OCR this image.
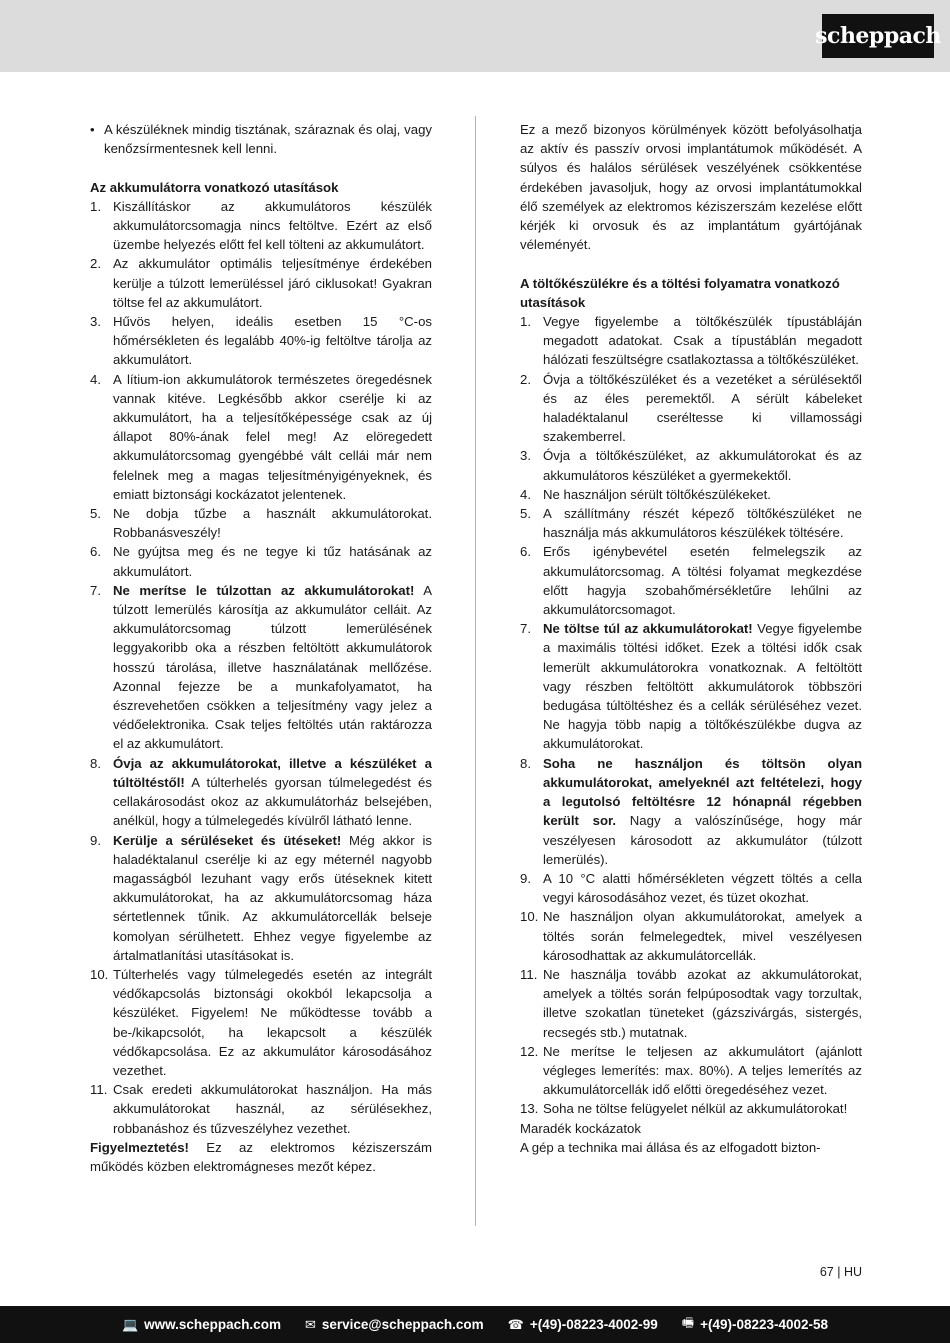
scheppach

• A készüléknek mindig tisztának, száraznak és olaj, vagy kenőzsírmentesnek kell lenni.

Az akkumulátorra vonatkozó utasítások

1. Kiszállításkor az akkumulátoros készülék akkumulátorcsomagja nincs feltöltve. Ezért az első üzembe helyezés előtt fel kell tölteni az akkumulátort.
2. Az akkumulátor optimális teljesítménye érdekében kerülje a túlzott lemerüléssel járó ciklusokat! Gyakran töltse fel az akkumulátort.
3. Hűvös helyen, ideális esetben 15 °C-os hőmérsékleten és legalább 40%-ig feltöltve tárolja az akkumulátort.
4. A lítium-ion akkumulátorok természetes öregedésnek vannak kitéve. Legkésőbb akkor cserélje ki az akkumulátort, ha a teljesítőképessége csak az új állapot 80%-ának felel meg! Az elöregedett akkumulátorcsomag gyengébbé vált cellái már nem felelnek meg a magas teljesítményigényeknek, és emiatt biztonsági kockázatot jelentenek.
5. Ne dobja tűzbe a használt akkumulátorokat. Robbanásveszély!
6. Ne gyújtsa meg és ne tegye ki tűz hatásának az akkumulátort.
7. Ne merítse le túlzottan az akkumulátorokat! A túlzott lemerülés károsítja az akkumulátor celláit. Az akkumulátorcsomag túlzott lemerülésének leggyakoribb oka a részben feltöltött akkumulátorok hosszú tárolása, illetve használatának mellőzése. Azonnal fejezze be a munkafolyamatot, ha észrevehetően csökken a teljesítmény vagy jelez a védőelektronika. Csak teljes feltöltés után raktározza el az akkumulátort.
8. Óvja az akkumulátorokat, illetve a készüléket a túltöltéstől! A túlterhelés gyorsan túlmelegedést és cellakárosodást okoz az akkumulátorház belsejében, anélkül, hogy a túlmelegedés kívülről látható lenne.
9. Kerülje a sérüléseket és ütéseket! Még akkor is haladéktalanul cserélje ki az egy méternél nagyobb magasságból lezuhant vagy erős ütéseknek kitett akkumulátorokat, ha az akkumulátorcsomag háza sértetlennek tűnik. Az akkumulátorcellák belseje komolyan sérülhetett. Ehhez vegye figyelembe az ártalmatlanítási utasításokat is.
10. Túlterhelés vagy túlmelegedés esetén az integrált védőkapcsolás biztonsági okokból lekapcsolja a készüléket. Figyelem! Ne működtesse tovább a be-/kikapcsolót, ha lekapcsolt a készülék védőkapcsolása. Ez az akkumulátor károsodásához vezethet.
11. Csak eredeti akkumulátorokat használjon. Ha más akkumulátorokat használ, az sérülésekhez, robbanáshoz és tűzveszélyhez vezethet.

Figyelmeztetés! Ez az elektromos kéziszerszám működés közben elektromágneses mezőt képez.

Ez a mező bizonyos körülmények között befolyásolhatja az aktív és passzív orvosi implantátumok működését. A súlyos és halálos sérülések veszélyének csökkentése érdekében javasoljuk, hogy az orvosi implantátumokkal élő személyek az elektromos kéziszerszám kezelése előtt kérjék ki orvosuk és az implantátum gyártójának véleményét.

A töltőkészülékre és a töltési folyamatra vonatkozó utasítások

1. Vegye figyelembe a töltőkészülék típustábláján megadott adatokat. Csak a típustáblán megadott hálózati feszültségre csatlakoztassa a töltőkészüléket.
2. Óvja a töltőkészüléket és a vezetéket a sérülésektől és az éles peremektől. A sérült kábeleket haladéktalanul cseréltesse ki villamossági szakemberrel.
3. Óvja a töltőkészüléket, az akkumulátorokat és az akkumulátoros készüléket a gyermekektől.
4. Ne használjon sérült töltőkészülékeket.
5. A szállítmány részét képező töltőkészüléket ne használja más akkumulátoros készülékek töltésére.
6. Erős igénybevétel esetén felmelegszik az akkumulátorcsomag. A töltési folyamat megkezdése előtt hagyja szobahőmérsékletűre lehűlni az akkumulátorcsomagot.
7. Ne töltse túl az akkumulátorokat! Vegye figyelembe a maximális töltési időket. Ezek a töltési idők csak lemerült akkumulátorokra vonatkoznak. A feltöltött vagy részben feltöltött akkumulátorok többszöri bedugása túltöltéshez és a cellák sérüléséhez vezet. Ne hagyja több napig a töltőkészülékbe dugva az akkumulátorokat.
8. Soha ne használjon és töltsön olyan akkumulátorokat, amelyeknél azt feltételezi, hogy a legutolsó feltöltésre 12 hónapnál régebben került sor. Nagy a valószínűsége, hogy már veszélyesen károsodott az akkumulátor (túlzott lemerülés).
9. A 10 °C alatti hőmérsékleten végzett töltés a cella vegyi károsodásához vezet, és tüzet okozhat.
10. Ne használjon olyan akkumulátorokat, amelyek a töltés során felmelegedtek, mivel veszélyesen károsodhattak az akkumulátorcellák.
11. Ne használja tovább azokat az akkumulátorokat, amelyek a töltés során felpúposodtak vagy torzultak, illetve szokatlan tüneteket (gázszivárgás, sistergés, recsegés stb.) mutatnak.
12. Ne merítse le teljesen az akkumulátort (ajánlott végleges lemerítés: max. 80%). A teljes lemerítés az akkumulátorcellák idő előtti öregedéséhez vezet.
13. Soha ne töltse felügyelet nélkül az akkumulátorokat!

Maradék kockázatok

A gép a technika mai állása és az elfogadott bizton-

67 | HU
💻 www.scheppach.com ✉ service@scheppach.com ☎ +(49)-08223-4002-99 🖷 +(49)-08223-4002-58
